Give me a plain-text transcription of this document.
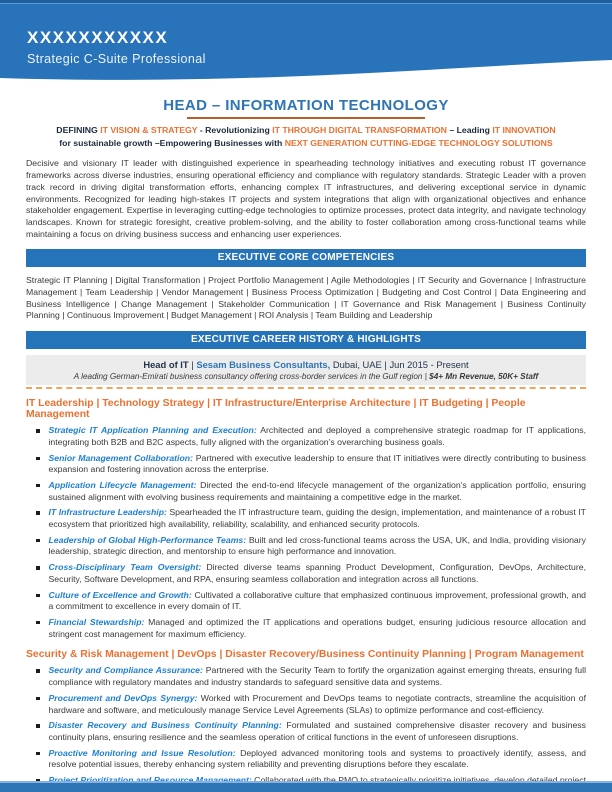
XXXXXXXXXXX
Strategic C-Suite Professional
HEAD – INFORMATION TECHNOLOGY
DEFINING IT VISION & STRATEGY - Revolutionizing IT THROUGH DIGITAL TRANSFORMATION – Leading IT INNOVATION
for sustainable growth –Empowering Businesses with NEXT GENERATION CUTTING-EDGE TECHNOLOGY SOLUTIONS
Decisive and visionary IT leader with distinguished experience in spearheading technology initiatives and executing robust IT governance frameworks across diverse industries, ensuring operational efficiency and compliance with regulatory standards. Strategic Leader with a proven track record in driving digital transformation efforts, enhancing complex IT infrastructures, and delivering exceptional service in dynamic environments. Recognized for leading high-stakes IT projects and system integrations that align with organizational objectives and enhance stakeholder engagement. Expertise in leveraging cutting-edge technologies to optimize processes, protect data integrity, and navigate technology landscapes. Known for strategic foresight, creative problem-solving, and the ability to foster collaboration among cross-functional teams while maintaining a focus on driving business success and enhancing user experiences.
EXECUTIVE CORE COMPETENCIES
Strategic IT Planning | Digital Transformation | Project Portfolio Management | Agile Methodologies | IT Security and Governance | Infrastructure Management | Team Leadership | Vendor Management | Business Process Optimization | Budgeting and Cost Control | Data Engineering and Business Intelligence | Change Management | Stakeholder Communication | IT Governance and Risk Management | Business Continuity Planning | Continuous Improvement | Budget Management | ROI Analysis | Team Building and Leadership
EXECUTIVE CAREER HISTORY & HIGHLIGHTS
Head of IT | Sesam Business Consultants, Dubai, UAE | Jun 2015 - Present
A leading German-Emirati business consultancy offering cross-border services in the Gulf region | $4+ Mn Revenue, 50K+ Staff
IT Leadership | Technology Strategy | IT Infrastructure/Enterprise Architecture | IT Budgeting | People Management
Strategic IT Application Planning and Execution: Architected and deployed a comprehensive strategic roadmap for IT applications, integrating both B2B and B2C aspects, fully aligned with the organization’s overarching business goals.
Senior Management Collaboration: Partnered with executive leadership to ensure that IT initiatives were directly contributing to business expansion and fostering innovation across the enterprise.
Application Lifecycle Management: Directed the end-to-end lifecycle management of the organization's application portfolio, ensuring sustained alignment with evolving business requirements and maintaining a competitive edge in the market.
IT Infrastructure Leadership: Spearheaded the IT infrastructure team, guiding the design, implementation, and maintenance of a robust IT ecosystem that prioritized high availability, reliability, scalability, and enhanced security protocols.
Leadership of Global High-Performance Teams: Built and led cross-functional teams across the USA, UK, and India, providing visionary leadership, strategic direction, and mentorship to ensure high performance and innovation.
Cross-Disciplinary Team Oversight: Directed diverse teams spanning Product Development, Configuration, DevOps, Architecture, Security, Software Development, and RPA, ensuring seamless collaboration and integration across all functions.
Culture of Excellence and Growth: Cultivated a collaborative culture that emphasized continuous improvement, professional growth, and a commitment to excellence in every domain of IT.
Financial Stewardship: Managed and optimized the IT applications and operations budget, ensuring judicious resource allocation and stringent cost management for maximum efficiency.
Security & Risk Management | DevOps | Disaster Recovery/Business Continuity Planning | Program Management
Security and Compliance Assurance: Partnered with the Security Team to fortify the organization against emerging threats, ensuring full compliance with regulatory mandates and industry standards to safeguard sensitive data and systems.
Procurement and DevOps Synergy: Worked with Procurement and DevOps teams to negotiate contracts, streamline the acquisition of hardware and software, and meticulously manage Service Level Agreements (SLAs) to optimize performance and cost-efficiency.
Disaster Recovery and Business Continuity Planning: Formulated and sustained comprehensive disaster recovery and business continuity plans, ensuring resilience and the seamless operation of critical functions in the event of unforeseen disruptions.
Proactive Monitoring and Issue Resolution: Deployed advanced monitoring tools and systems to proactively identify, assess, and resolve potential issues, thereby enhancing system reliability and preventing disruptions before they escalate.
